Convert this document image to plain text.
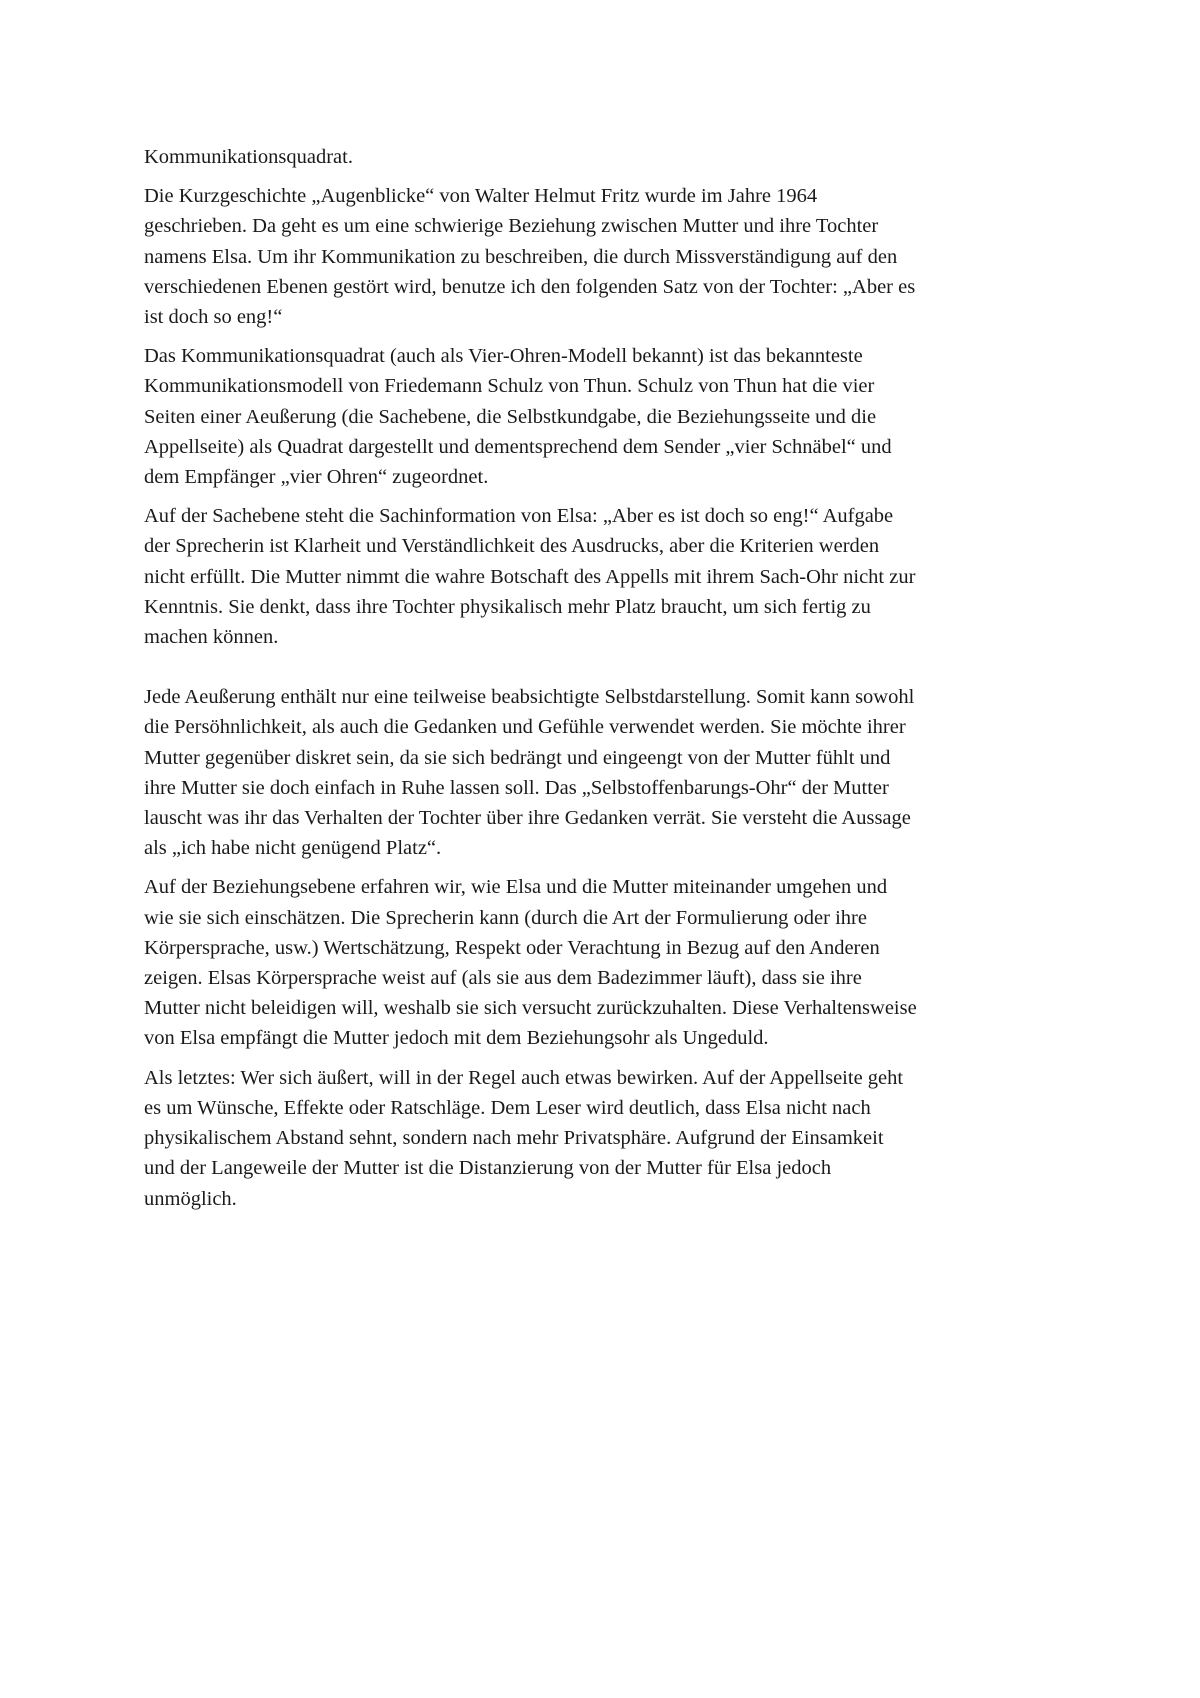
Kommunikationsquadrat.

Die Kurzgeschichte „Augenblicke“ von Walter Helmut Fritz wurde im Jahre 1964
geschrieben. Da geht es um eine schwierige Beziehung zwischen Mutter und ihre Tochter
namens Elsa. Um ihr Kommunikation zu beschreiben, die durch Missverständigung auf den
verschiedenen Ebenen gestört wird, benutze ich den folgenden Satz von der Tochter: „Aber es
ist doch so eng!“

Das Kommunikationsquadrat (auch als Vier-Ohren-Modell bekannt) ist das bekannteste
Kommunikationsmodell von Friedemann Schulz von Thun. Schulz von Thun hat die vier
Seiten einer Aeußerung (die Sachebene, die Selbstkundgabe, die Beziehungsseite und die
Appellseite) als Quadrat dargestellt und dementsprechend dem Sender „vier Schnäbel“ und
dem Empfänger „vier Ohren“ zugeordnet.

Auf der Sachebene steht die Sachinformation von Elsa: „Aber es ist doch so eng!“ Aufgabe
der Sprecherin ist Klarheit und Verständlichkeit des Ausdrucks, aber die Kriterien werden
nicht erfüllt. Die Mutter nimmt die wahre Botschaft des Appells mit ihrem Sach-Ohr nicht zur
Kenntnis. Sie denkt, dass ihre Tochter physikalisch mehr Platz braucht, um sich fertig zu
machen können.

Jede Aeußerung enthält nur eine teilweise beabsichtigte Selbstdarstellung. Somit kann sowohl
die Persöhnlichkeit, als auch die Gedanken und Gefühle verwendet werden. Sie möchte ihrer
Mutter gegenüber diskret sein, da sie sich bedrängt und eingeengt von der Mutter fühlt und
ihre Mutter sie doch einfach in Ruhe lassen soll. Das „Selbstoffenbarungs-Ohr“ der Mutter
lauscht was ihr das Verhalten der Tochter über ihre Gedanken verrät. Sie versteht die Aussage
als „ich habe nicht genügend Platz“.

Auf der Beziehungsebene erfahren wir, wie Elsa und die Mutter miteinander umgehen und
wie sie sich einschätzen. Die Sprecherin kann (durch die Art der Formulierung oder ihre
Körpersprache, usw.) Wertschätzung, Respekt oder Verachtung in Bezug auf den Anderen
zeigen. Elsas Körpersprache weist auf (als sie aus dem Badezimmer läuft), dass sie ihre
Mutter nicht beleidigen will, weshalb sie sich versucht zurückzuhalten. Diese Verhaltensweise
von Elsa empfängt die Mutter jedoch mit dem Beziehungsohr als Ungeduld.

Als letztes: Wer sich äußert, will in der Regel auch etwas bewirken. Auf der Appellseite geht
es um Wünsche, Effekte oder Ratschläge. Dem Leser wird deutlich, dass Elsa nicht nach
physikalischem Abstand sehnt, sondern nach mehr Privatsphäre. Aufgrund der Einsamkeit
und der Langeweile der Mutter ist die Distanzierung von der Mutter für Elsa jedoch
unmöglich.
